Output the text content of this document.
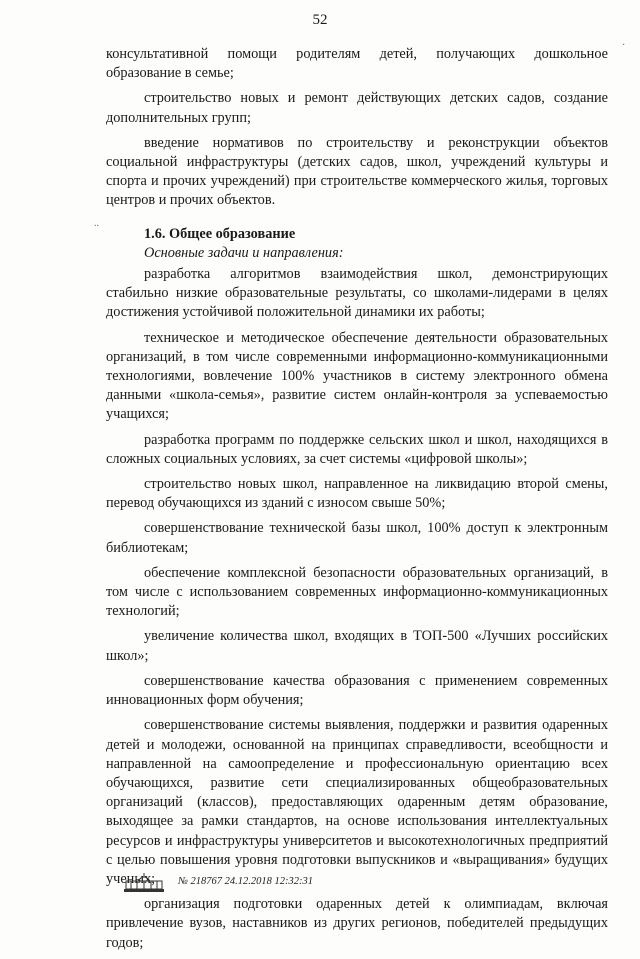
52

консультативной помощи родителям детей, получающих дошкольное образование в семье;

строительство новых и ремонт действующих детских садов, создание дополнительных групп;

введение нормативов по строительству и реконструкции объектов социальной инфраструктуры (детских садов, школ, учреждений культуры и спорта и прочих учреждений) при строительстве коммерческого жилья, торговых центров и прочих объектов.

1.6. Общее образование
Основные задачи и направления:

разработка алгоритмов взаимодействия школ, демонстрирующих стабильно низкие образовательные результаты, со школами-лидерами в целях достижения устойчивой положительной динамики их работы;

техническое и методическое обеспечение деятельности образовательных организаций, в том числе современными информационно-коммуникационными технологиями, вовлечение 100% участников в систему электронного обмена данными «школа-семья», развитие систем онлайн-контроля за успеваемостью учащихся;

разработка программ по поддержке сельских школ и школ, находящихся в сложных социальных условиях, за счет системы «цифровой школы»;

строительство новых школ, направленное на ликвидацию второй смены, перевод обучающихся из зданий с износом свыше 50%;

совершенствование технической базы школ, 100% доступ к электронным библиотекам;

обеспечение комплексной безопасности образовательных организаций, в том числе с использованием современных информационно-коммуникационных технологий;

увеличение количества школ, входящих в ТОП-500 «Лучших российских школ»;

совершенствование качества образования с применением современных инновационных форм обучения;

совершенствование системы выявления, поддержки и развития одаренных детей и молодежи, основанной на принципах справедливости, всеобщности и направленной на самоопределение и профессиональную ориентацию всех обучающихся, развитие сети специализированных общеобразовательных организаций (классов), предоставляющих одаренным детям образование, выходящее за рамки стандартов, на основе использования интеллектуальных ресурсов и инфраструктуры университетов и высокотехнологичных предприятий с целью повышения уровня подготовки выпускников и «выращивания» будущих ученых;

организация подготовки одаренных детей к олимпиадам, включая привлечение вузов, наставников из других регионов, победителей предыдущих годов;

№ 218767 24.12.2018 12:32:31
..
·
